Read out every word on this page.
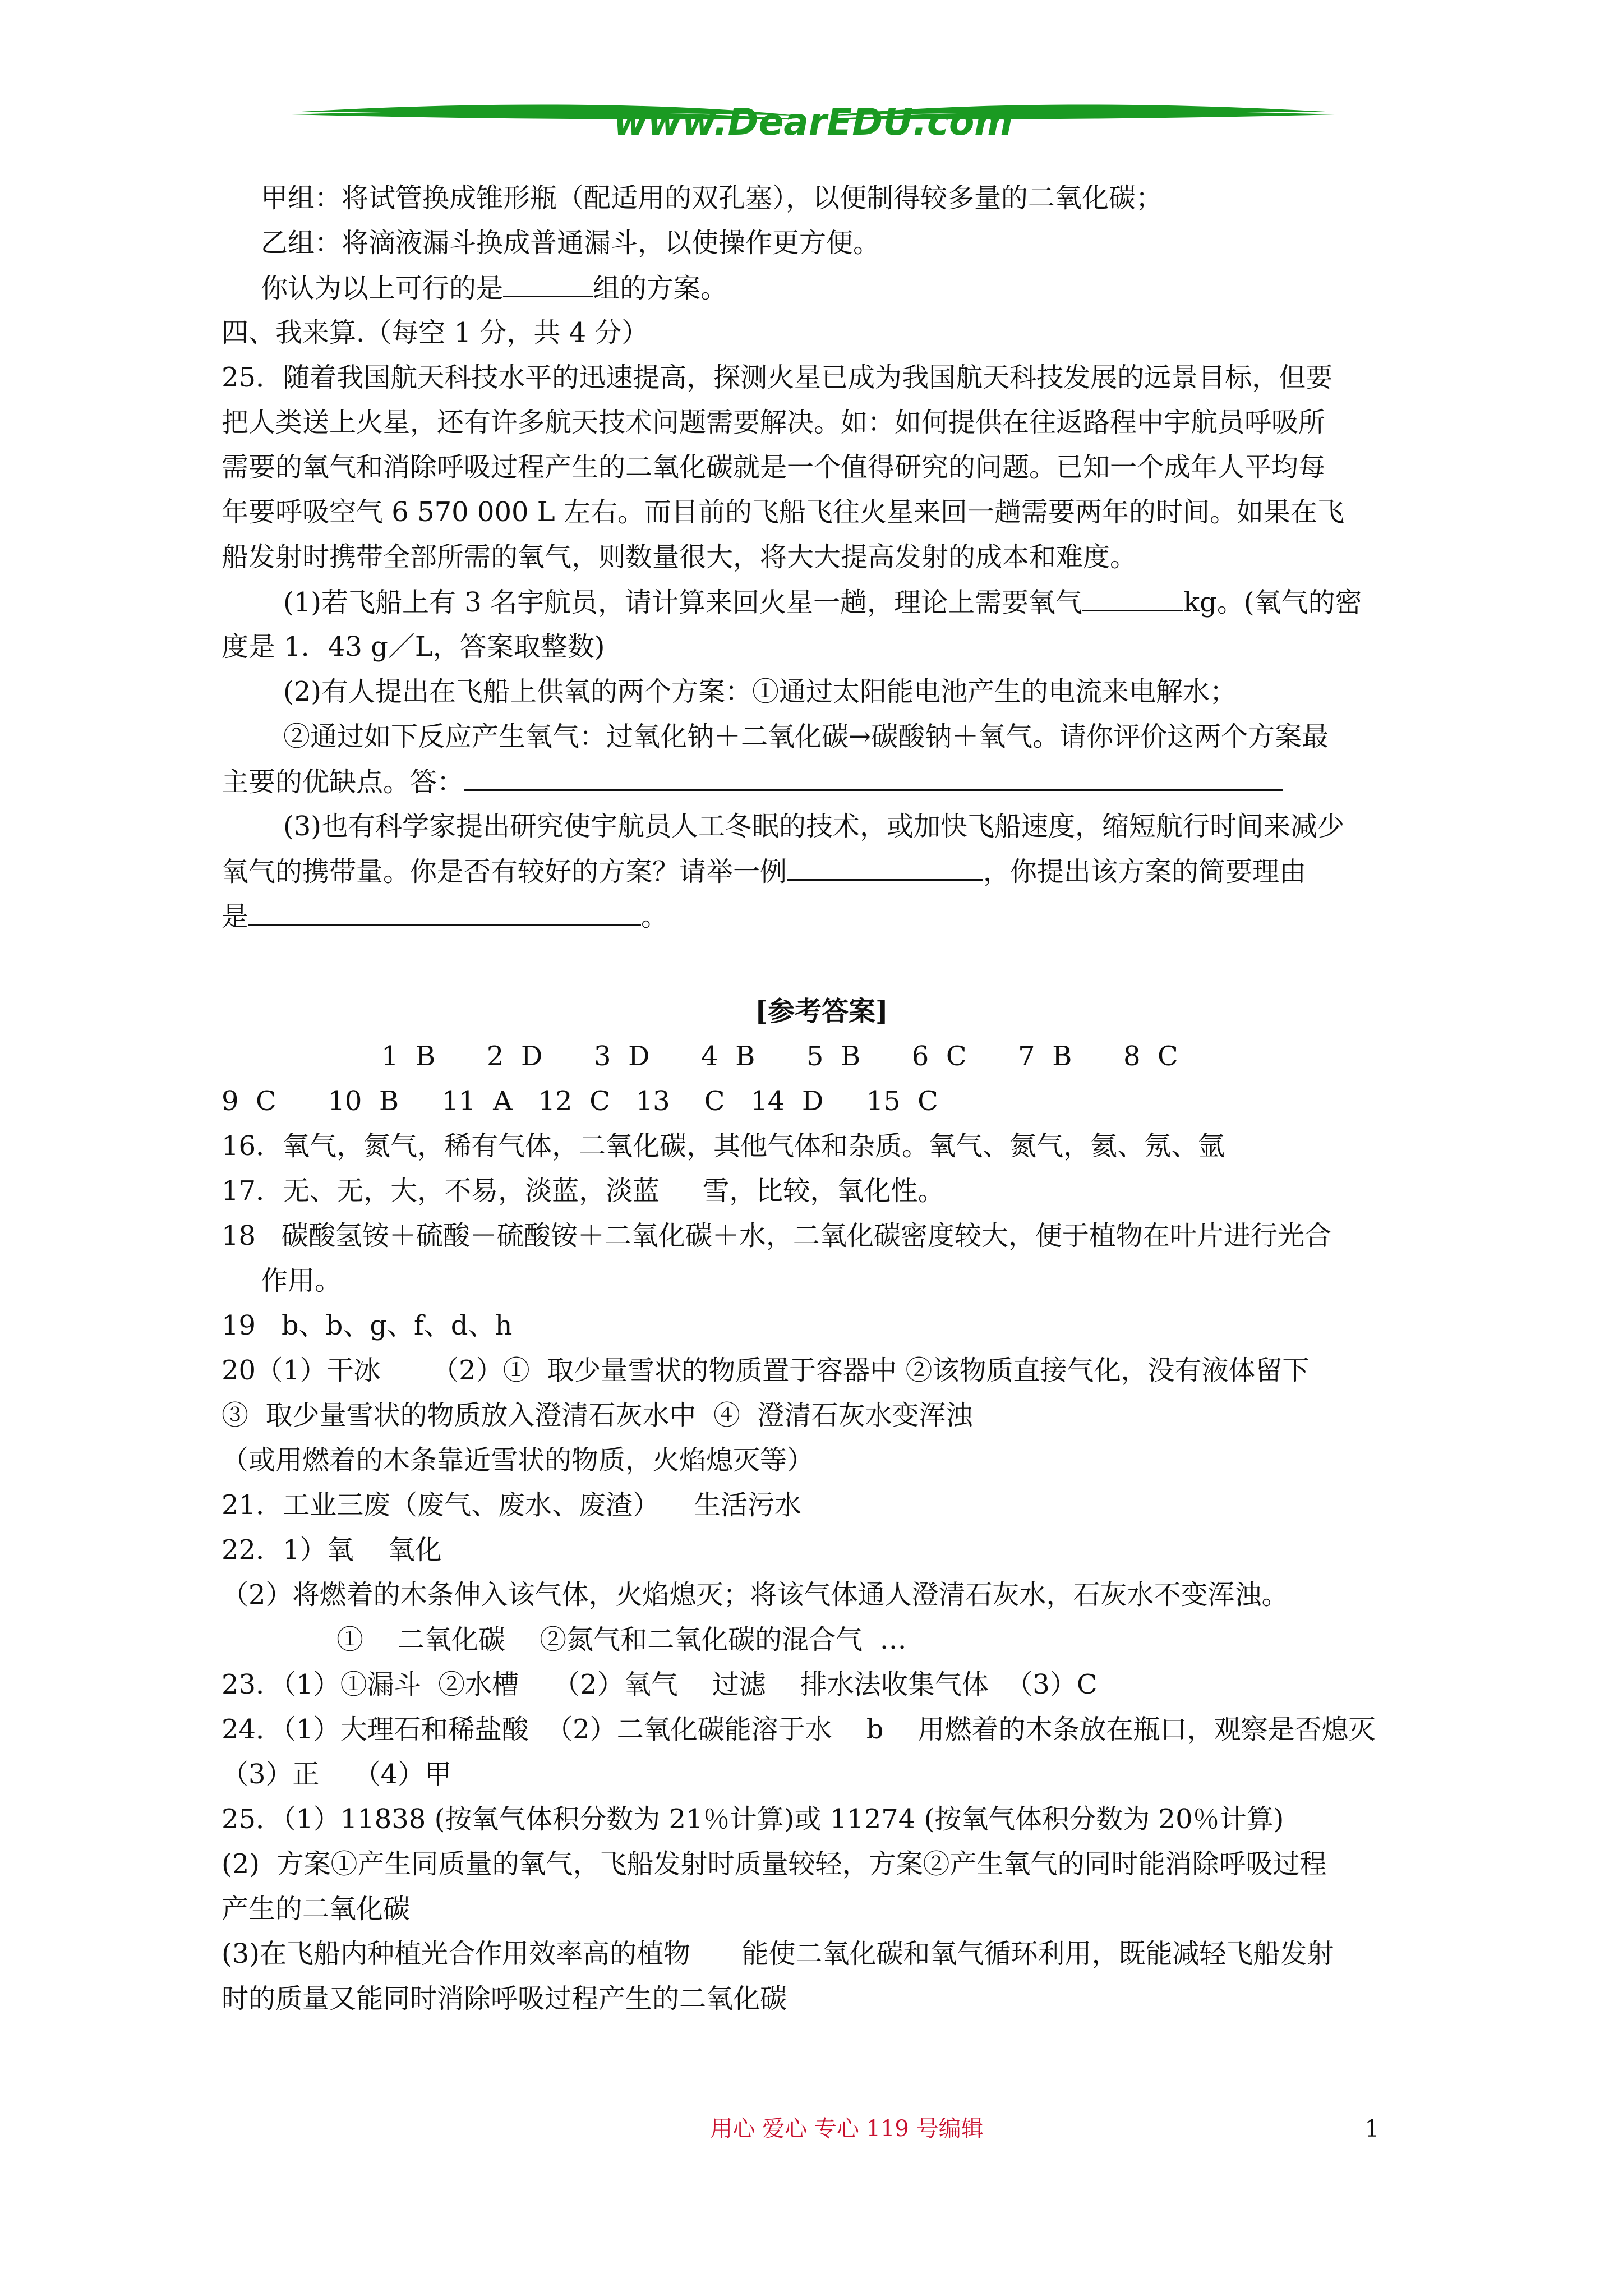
www.DearEDU.com
甲组：将试管换成锥形瓶（配适用的双孔塞），以便制得较多量的二氧化碳；
乙组：将滴液漏斗换成普通漏斗，以使操作更方便。
你认为以上可行的是	组的方案。
四、我来算.（每空 1 分，共 4 分）
25．随着我国航天科技水平的迅速提高，探测火星已成为我国航天科技发展的远景目标，但要
把人类送上火星，还有许多航天技术问题需要解决。如：如何提供在往返路程中宇航员呼吸所
需要的氧气和消除呼吸过程产生的二氧化碳就是一个值得研究的问题。已知一个成年人平均每
年要呼吸空气 6 570 000 L 左右。而目前的飞船飞往火星来回一趟需要两年的时间。如果在飞
船发射时携带全部所需的氧气，则数量很大，将大大提高发射的成本和难度。
(1)若飞船上有 3 名宇航员，请计算来回火星一趟，理论上需要氧气	kg。(氧气的密
度是 1．43 g／L，答案取整数)
(2)有人提出在飞船上供氧的两个方案：①通过太阳能电池产生的电流来电解水；
②通过如下反应产生氧气：过氧化钠＋二氧化碳→碳酸钠＋氧气。请你评价这两个方案最
主要的优缺点。答：
(3)也有科学家提出研究使宇航员人工冬眠的技术，或加快飞船速度，缩短航行时间来减少
氧气的携带量。你是否有较好的方案？请举一例	，你提出该方案的简要理由
是	。
[参考答案]
1  B      2  D      3  D      4  B      5  B      6  C      7  B      8  C
9  C      10  B     11  A   12  C   13    C   14  D     15  C
16．氧气，氮气，稀有气体，二氧化碳，其他气体和杂质。氧气、氮气，氦、氖、氩
17．无、无，大，不易，淡蓝，淡蓝     雪，比较，氧化性。
18   碳酸氢铵＋硫酸－硫酸铵＋二氧化碳＋水，二氧化碳密度较大，便于植物在叶片进行光合
作用。
19   b、b、g、f、d、h
20（1）干冰      （2）①  取少量雪状的物质置于容器中 ②该物质直接气化，没有液体留下
③  取少量雪状的物质放入澄清石灰水中  ④  澄清石灰水变浑浊
（或用燃着的木条靠近雪状的物质，火焰熄灭等）
21．工业三废（废气、废水、废渣）    生活污水
22．1）氧    氧化
（2）将燃着的木条伸入该气体，火焰熄灭；将该气体通人澄清石灰水，石灰水不变浑浊。
①    二氧化碳    ②氮气和二氧化碳的混合气  …
23．（1）①漏斗  ②水槽    （2）氧气    过滤    排水法收集气体  （3）C
24．（1）大理石和稀盐酸  （2）二氧化碳能溶于水    b    用燃着的木条放在瓶口，观察是否熄灭
（3）正    （4）甲
25．（1）11838 (按氧气体积分数为 21％计算)或 11274 (按氧气体积分数为 20％计算)
(2)  方案①产生同质量的氧气，飞船发射时质量较轻，方案②产生氧气的同时能消除呼吸过程
产生的二氧化碳
(3)在飞船内种植光合作用效率高的植物      能使二氧化碳和氧气循环利用，既能减轻飞船发射
时的质量又能同时消除呼吸过程产生的二氧化碳
用心 爱心 专心 119 号编辑	1
